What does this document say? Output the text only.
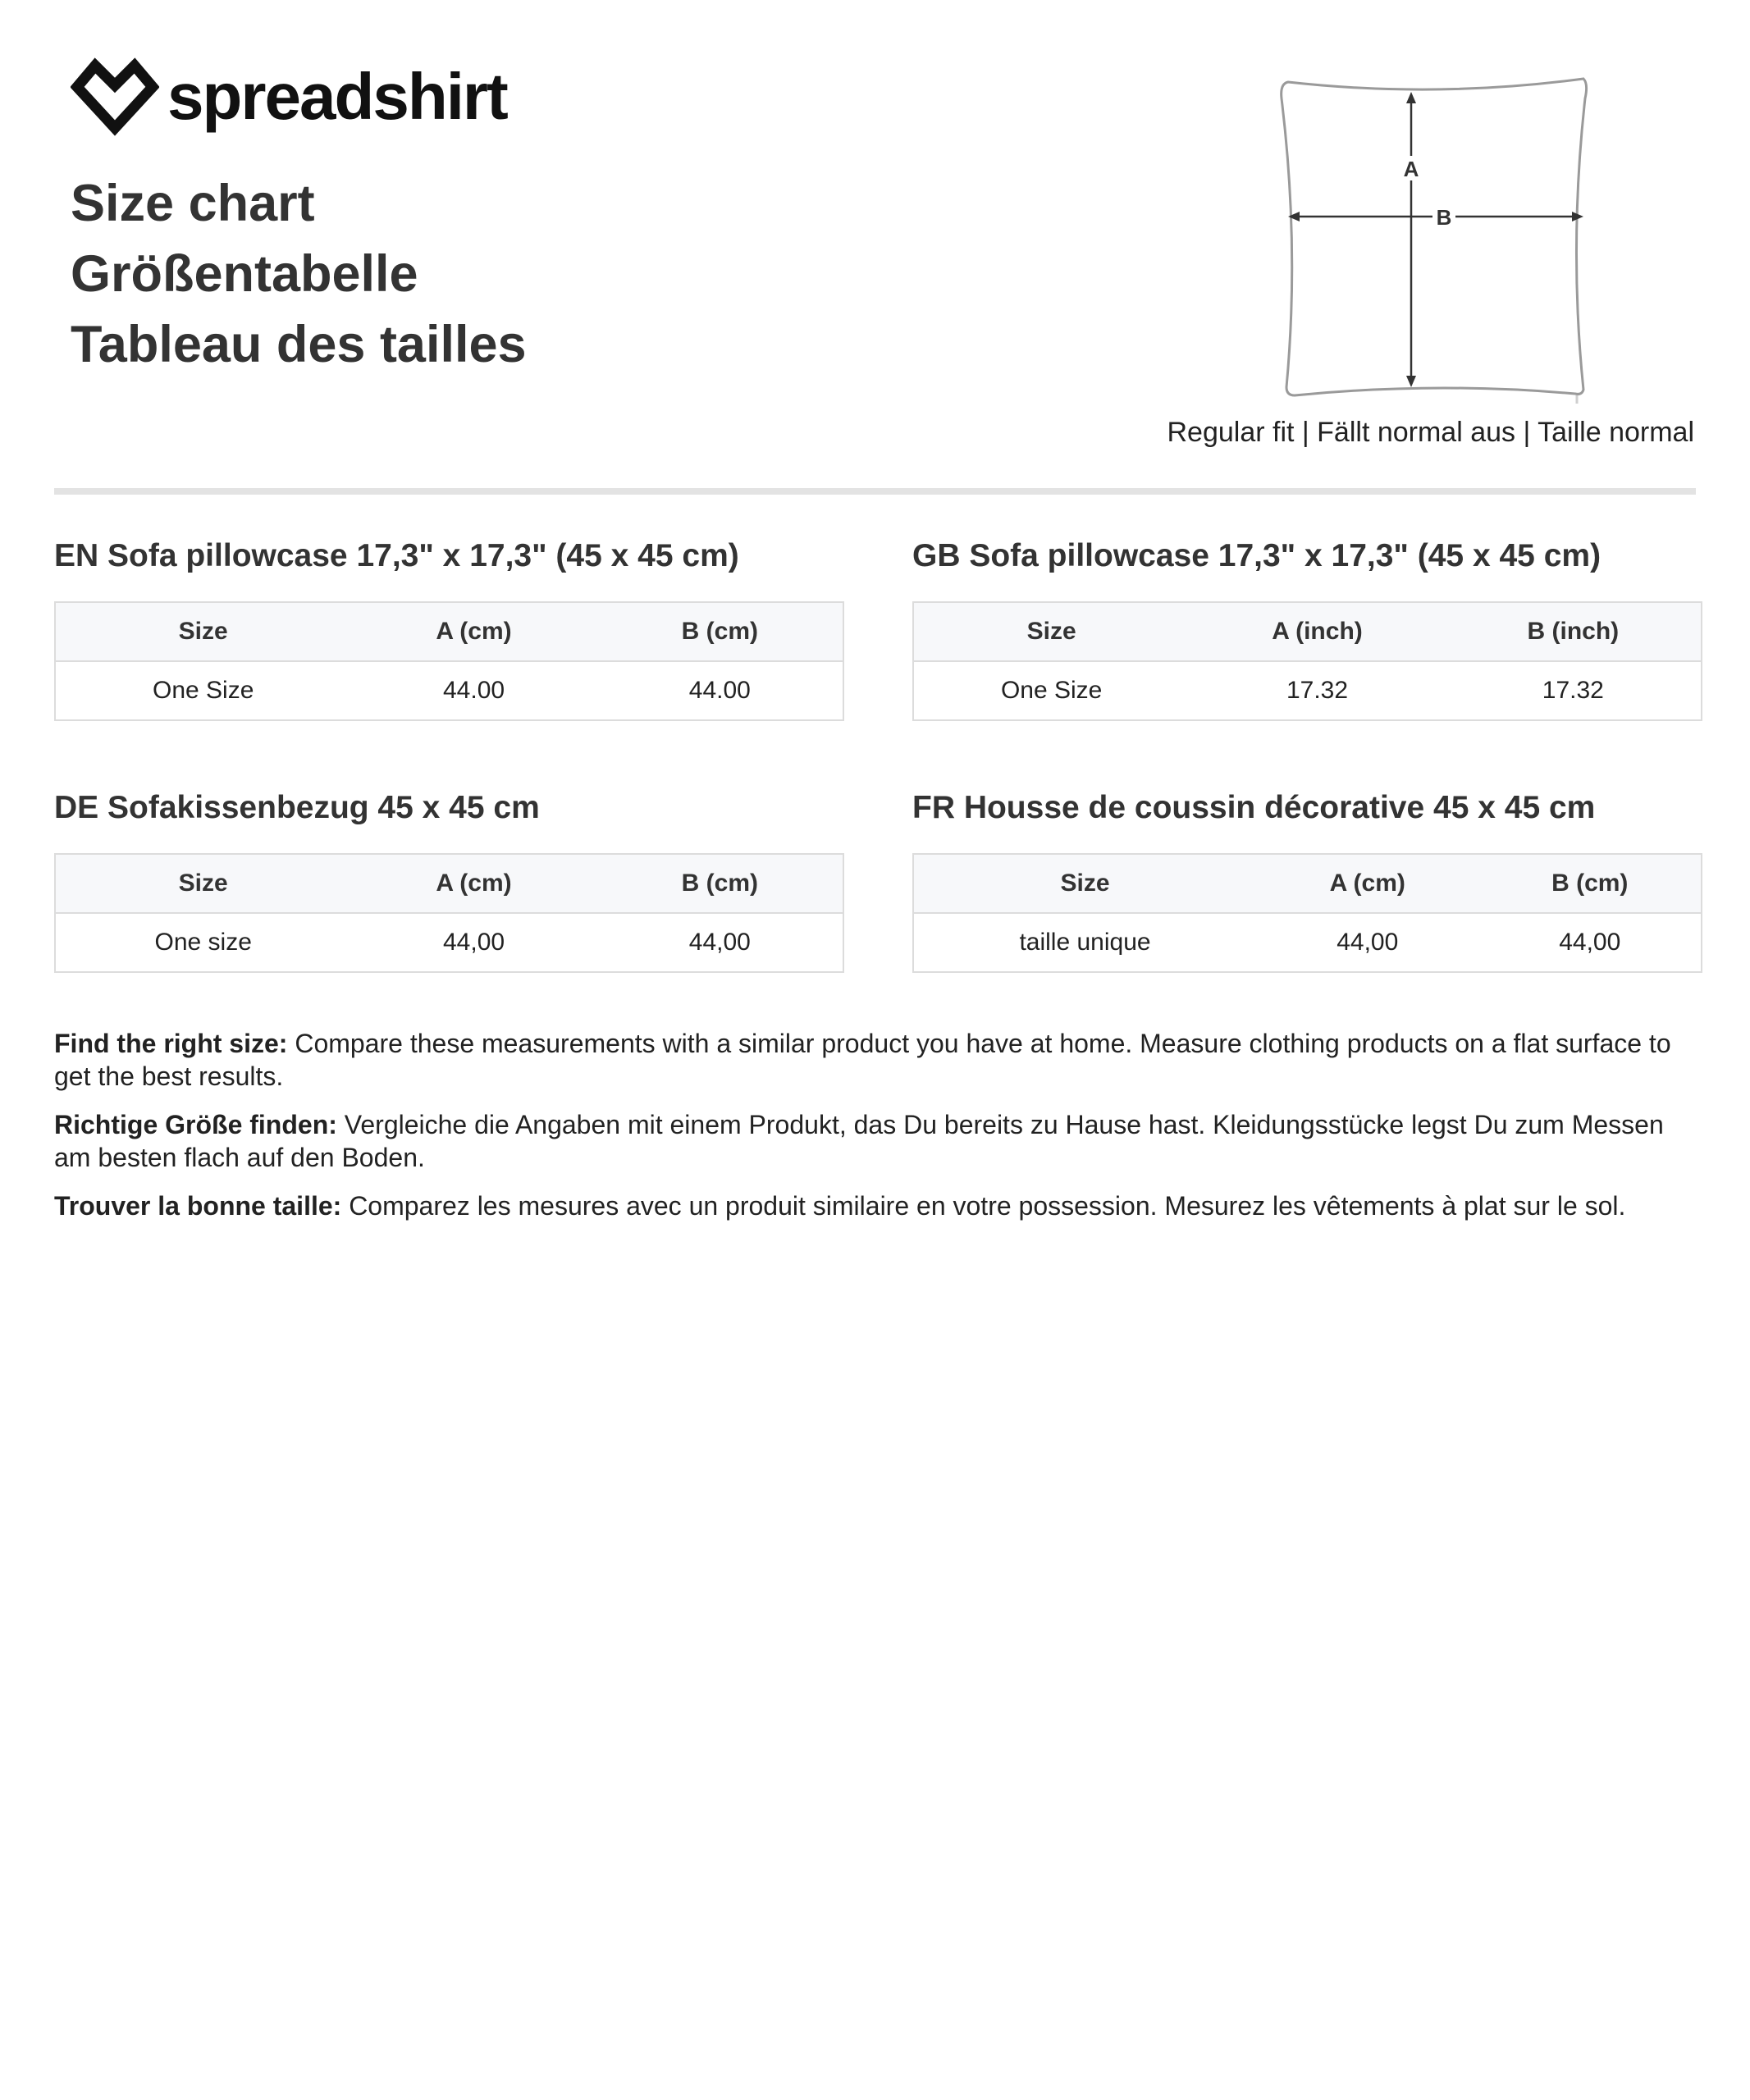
spreadshirt
Size chart
Größentabelle
Tableau des tailles
A
B
Regular fit | Fällt normal aus | Taille normal
EN Sofa pillowcase 17,3" x 17,3" (45 x 45 cm)
Size	A (cm)	B (cm)
One Size	44.00	44.00
GB Sofa pillowcase 17,3" x 17,3" (45 x 45 cm)
Size	A (inch)	B (inch)
One Size	17.32	17.32
DE Sofakissenbezug 45 x 45 cm
Size	A (cm)	B (cm)
One size	44,00	44,00
FR Housse de coussin décorative 45 x 45 cm
Size	A (cm)	B (cm)
taille unique	44,00	44,00

Find the right size: Compare these measurements with a similar product you have at home. Measure clothing products on a flat surface to get the best results.

Richtige Größe finden: Vergleiche die Angaben mit einem Produkt, das Du bereits zu Hause hast. Kleidungsstücke legst Du zum Messen am besten flach auf den Boden.

Trouver la bonne taille: Comparez les mesures avec un produit similaire en votre possession. Mesurez les vêtements à plat sur le sol.
